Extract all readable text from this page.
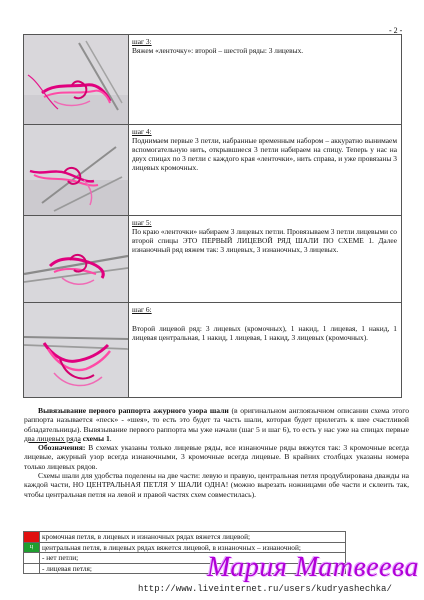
- 2 -

шаг 3:
Вяжем «ленточку»: второй – шестой ряды: 3 лицевых.

шаг 4:
Поднимаем первые 3 петли, набранные временным набором – аккуратно вынимаем вспомогательную нить, открывшиеся 3 петли набираем на спицу. Теперь у нас на двух спицах по 3 петли с каждого края «ленточки», нить справа, и уже провязаны 3 лицевых кромочных.

шаг 5:
По краю «ленточки» набираем 3 лицевых петли. Провязываем 3 петли лицевыми со второй спицы ЭТО ПЕРВЫЙ ЛИЦЕВОЙ РЯД ШАЛИ ПО СХЕМЕ 1. Далее изнаночный ряд вяжем так: 3 лицевых, 3 изнаночных, 3 лицевых.

шаг 6:
Второй лицевой ряд: 3 лицевых (кромочных), 1 накид, 1 лицевая, 1 накид, 1 лицевая центральная, 1 накид, 1 лицевая, 1 накид, 3 лицевых (кромочных).

Вывязывание первого раппорта ажурного узора шали (в оригинальном англоязычном описании схема этого раппорта называется «песк» - «шея», то есть это будет та часть шали, которая будет прилегать к шее счастливой обладательницы). Вывязывание первого раппорта мы уже начали (шаг 5 и шаг 6), то есть у нас уже на спицах первые два лицевых ряда схемы 1.

Обозначения: В схемах указаны только лицевые ряды, все изнаночные ряды вяжутся так: 3 кромочные всегда лицевые, ажурный узор всегда изнаночными, 3 кромочные всегда лицевые. В крайних столбцах указаны номера только лицевых рядов.

Схемы шали для удобства поделены на две части: левую и правую, центральная петля продублирована дважды на каждой части, НО ЦЕНТРАЛЬНАЯ ПЕТЛЯ У ШАЛИ ОДНА! (можно вырезать ножницами обе части и склеить так, чтобы центральная петля на левой и правой частях схем совместилась).

	кромочная петля, в лицевых и изнаночных рядах вяжется лицевой;
ц	центральная петля, в лицевых рядах вяжется лицевой, в изнаночных – изнаночной;
	- нет петли;
	- лицевая петля;	Мария Матвеева
http://www.liveinternet.ru/users/kudryashechka/
